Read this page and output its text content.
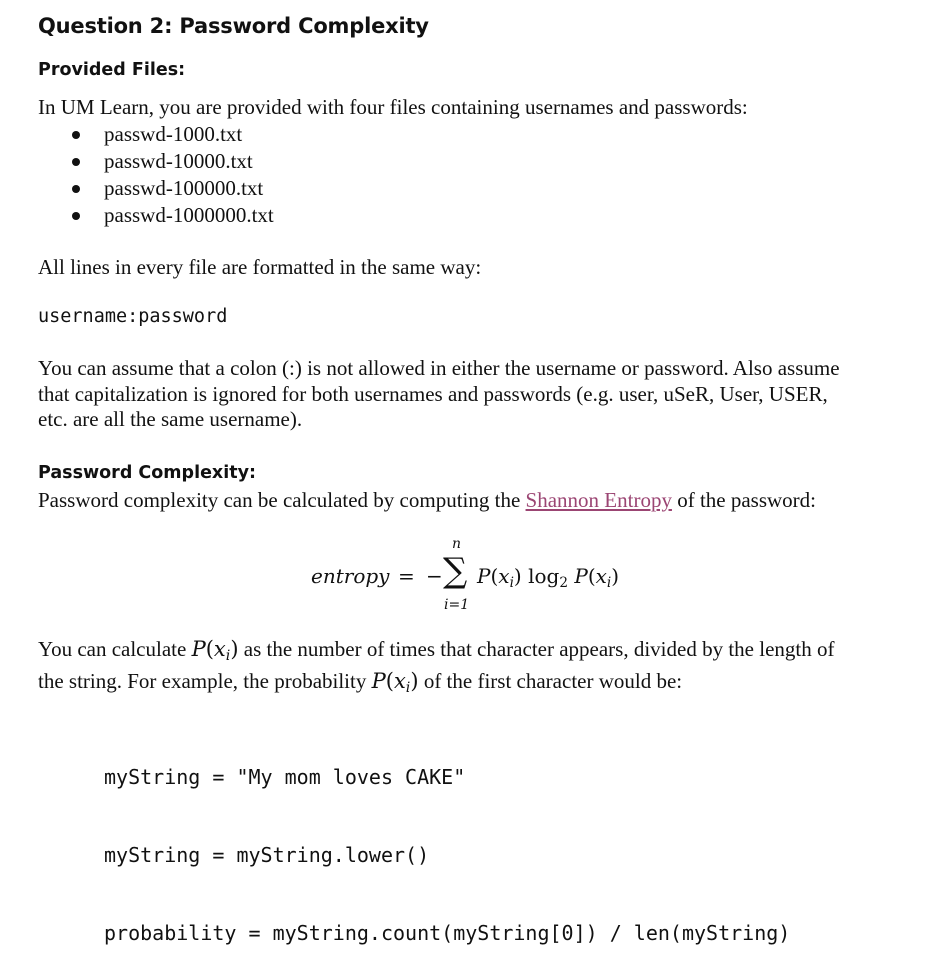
Question 2: Password Complexity
Provided Files:
In UM Learn, you are provided with four files containing usernames and passwords:
passwd-1000.txt
passwd-10000.txt
passwd-100000.txt
passwd-1000000.txt
All lines in every file are formatted in the same way:
username:password
You can assume that a colon (:) is not allowed in either the username or password. Also assume
that capitalization is ignored for both usernames and passwords (e.g. user, uSeR, User, USER,
etc. are all the same username).
Password Complexity:
Password complexity can be calculated by computing the Shannon Entropy of the password:
entropy = −
n
∑
i=1
$P(x_i)$ $\log_2 P(x_i)$
You can calculate $P(x_i)$ as the number of times that character appears, divided by the length of
the string. For example, the probability $P(x_i)$ of the first character would be:

myString = "My mom loves CAKE"

myString = myString.lower()

probability = myString.count(myString[0]) / len(myString)
